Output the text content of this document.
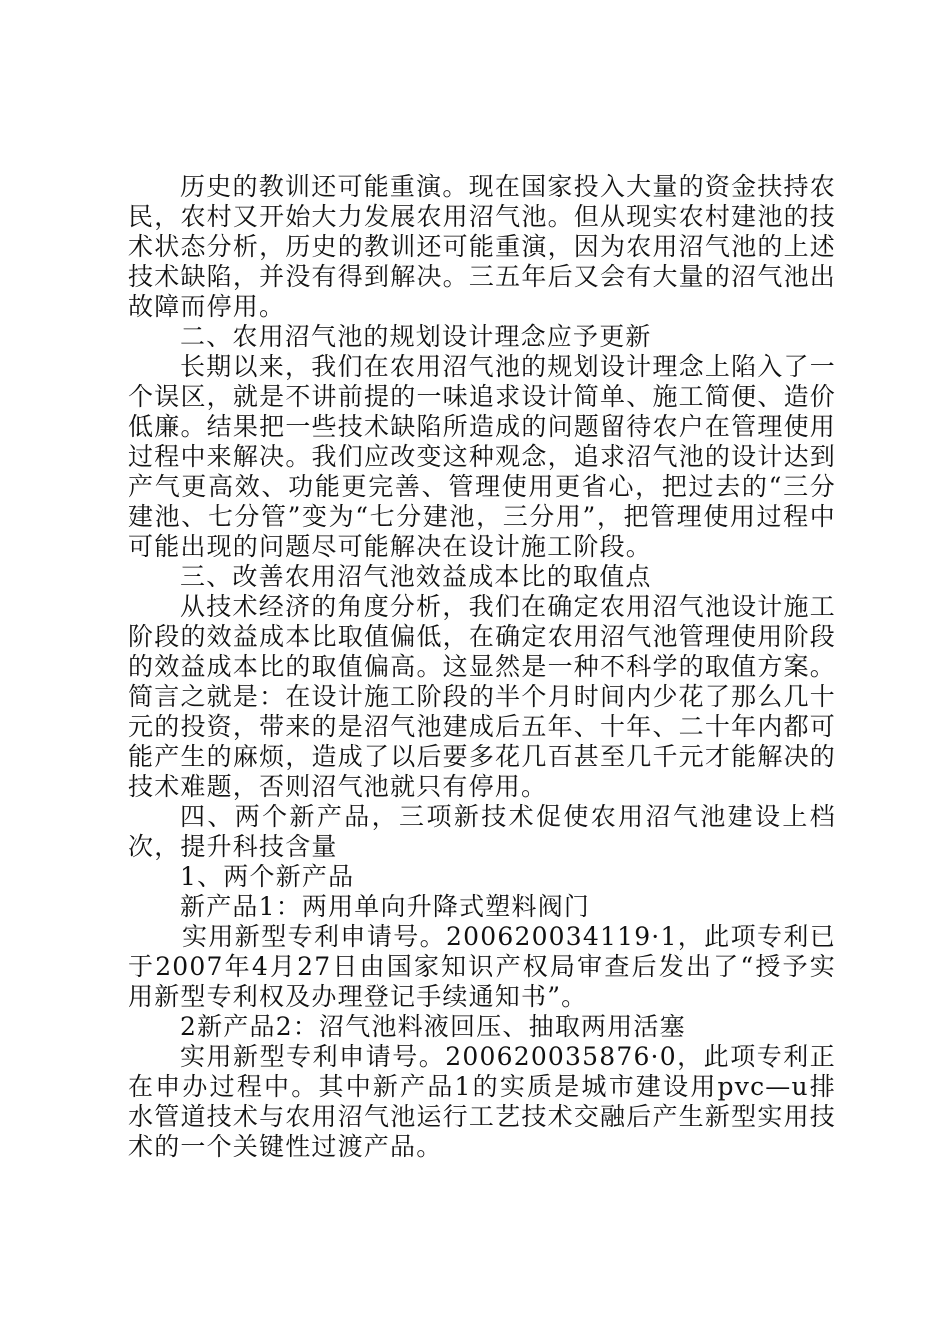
历史的教训还可能重演。现在国家投入大量的资金扶持农民，农村又开始大力发展农用沼气池。但从现实农村建池的技术状态分析，历史的教训还可能重演，因为农用沼气池的上述技术缺陷，并没有得到解决。三五年后又会有大量的沼气池出故障而停用。

二、农用沼气池的规划设计理念应予更新

长期以来，我们在农用沼气池的规划设计理念上陷入了一个误区，就是不讲前提的一味追求设计简单、施工简便、造价低廉。结果把一些技术缺陷所造成的问题留待农户在管理使用过程中来解决。我们应改变这种观念，追求沼气池的设计达到产气更高效、功能更完善、管理使用更省心，把过去的“三分建池、七分管”变为“七分建池，三分用”，把管理使用过程中可能出现的问题尽可能解决在设计施工阶段。

三、改善农用沼气池效益成本比的取值点

从技术经济的角度分析，我们在确定农用沼气池设计施工阶段的效益成本比取值偏低，在确定农用沼气池管理使用阶段的效益成本比的取值偏高。这显然是一种不科学的取值方案。简言之就是：在设计施工阶段的半个月时间内少花了那么几十元的投资，带来的是沼气池建成后五年、十年、二十年内都可能产生的麻烦，造成了以后要多花几百甚至几千元才能解决的技术难题，否则沼气池就只有停用。

四、两个新产品，三项新技术促使农用沼气池建设上档次，提升科技含量

1、两个新产品

新产品1：两用单向升降式塑料阀门

实用新型专利申请号。200620034119·1，此项专利已于2007年4月27日由国家知识产权局审查后发出了“授予实用新型专利权及办理登记手续通知书”。

2新产品2：沼气池料液回压、抽取两用活塞

实用新型专利申请号。200620035876·0，此项专利正在申办过程中。其中新产品1的实质是城市建设用pvc—u排水管道技术与农用沼气池运行工艺技术交融后产生新型实用技术的一个关键性过渡产品。
